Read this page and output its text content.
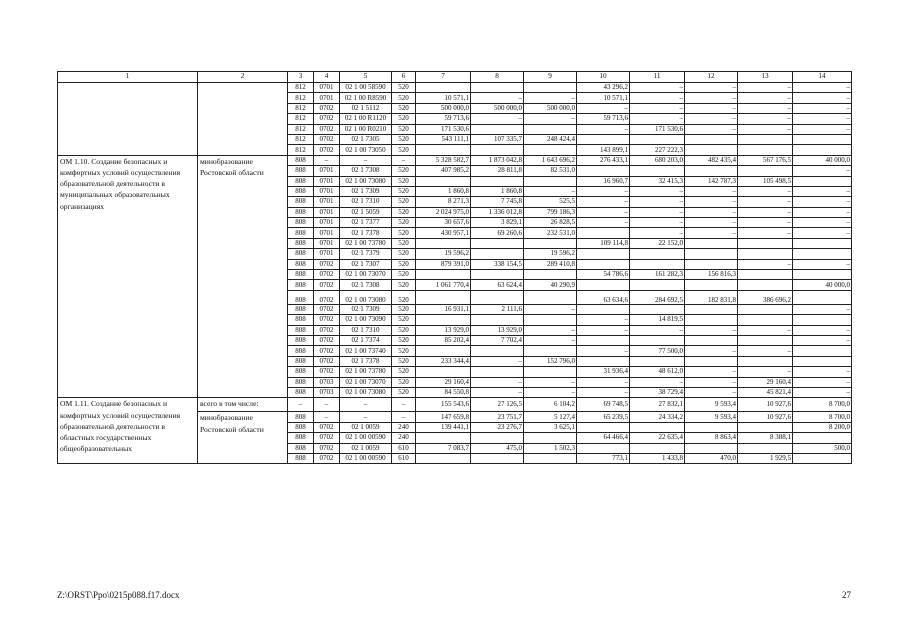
1	2	3	4	5	6	7	8	9	10	11	12	13	14
		812	0701	02 1 00 58590	520				43 296,2	–	–	–	–
		812	0701	02 1 00 R8590	520	10 571,1	–	–	10 571,1	–	–	–	–
		812	0702	02 1 5112	520	500 000,0	500 000,0	500 000,0	–	–	–	–	–
		812	0702	02 1 00 R1120	520	59 713,6	–	–	59 713,6	–	–	–	–
		812	0702	02 1 00 R0210	520	171 530,6			–	171 530,6	–	–	–
		812	0702	02 1 7305	520	543 111,1	107 335,7	248 424,4					
		812	0702	02 1 00 73050	520				143 899,1	227 222,3			
ОМ 1.10. Создание безопасных и комфортных условий осуществления образовательной деятельности в муниципальных образовательных организациях	минобразование Ростовской области	808	–	–	–	5 328 582,7	1 873 042,8	1 643 696,2	276 433,1	680 203,0	482 435,4	567 176,5	40 000,0
		808	0701	02 1 7308	520	407 985,2	28 811,8	82 531,0					–
		808	0701	02 1 00 73080	520				16 960,7	32 415,3	142 787,3	105 498,5	
		808	0701	02 1 7309	520	1 860,8	1 860,8	–	–	–	–	–	–
		808	0701	02 1 7310	520	8 271,3	7 745,8	525,5	–	–	–	–	–
		808	0701	02 1 5059	520	2 024 975,0	1 336 012,8	799 186,3	–	–	–	–	–
		808	0701	02 1 7377	520	30 657,6	3 829,1	26 828,5	–	–	–	–	–
		808	0701	02 1 7378	520	430 957,1	69 260,6	232 531,0		–	–	–	–
		808	0701	02 1 00 73780	520				109 114,8	22 152,0			
		808	0701	02 1 7379	520	19 596,2		19 596,2					
		808	0702	02 1 7307	520	879 391,0	338 154,5	289 410,8				–	–
		808	0702	02 1 00 73070	520				54 786,6	161 282,3	156 816,3		
		808	0702	02 1 7308	520	1 061 770,4	63 624,4	40 290,9					40 000,0
		808	0702	02 1 00 73080	520				63 634,6	284 692,5	182 831,8	386 696,2	
		808	0702	02 1 7309	520	16 931,1	2 111,6	–					–
		808	0702	02 1 00 73090	520				–	14 819,5			
		808	0702	02 1 7310	520	13 929,0	13 929,0	–	–	–	–	–	–
		808	0702	02 1 7374	520	85 202,4	7 702,4	–					–
		808	0702	02 1 00 73740	520				–	77 500,0	–	–	
		808	0702	02 1 7378	520	233 344,4	–	152 796,0					
		808	0702	02 1 00 73780	520				31 936,4	48 612,0	–	–	–
		808	0703	02 1 00 73070	520	29 160,4	–	–	–	–	–	29 160,4	–
		808	0703	02 1 00 73080	520	84 550,8	–	–	–	38 729,4	–	45 821,4	–
ОМ 1.11. Создание безопасных и комфортных условий осуществления образовательной деятельности в областных государственных общеобразовательных	всего в том числе:	–	–	–	–	155 543,6	27 126,5	6 104,2	69 748,5	27 832,1	9 593,4	10 927,6	8 700,0
	минобразование Ростовской области	808	–	–	–	147 659,8	23 751,7	5 127,4	65 239,5	24 334,2	9 593,4	10 927,6	8 700,0
		808	0702	02 1 0059	240	139 441,1	23 276,7	3 625,1					8 200,0
		808	0702	02 1 00 00590	240				64 466,4	22 635,4	8 863,4	8 388,1	
		808	0702	02 1 0059	610	7 083,7	475,0	1 502,3					500,0
		808	0702	02 1 00 00590	610				773,1	1 433,8	470,0	1 929,5	
Z:\ORST\Ppo\0215p088.f17.docx	27
